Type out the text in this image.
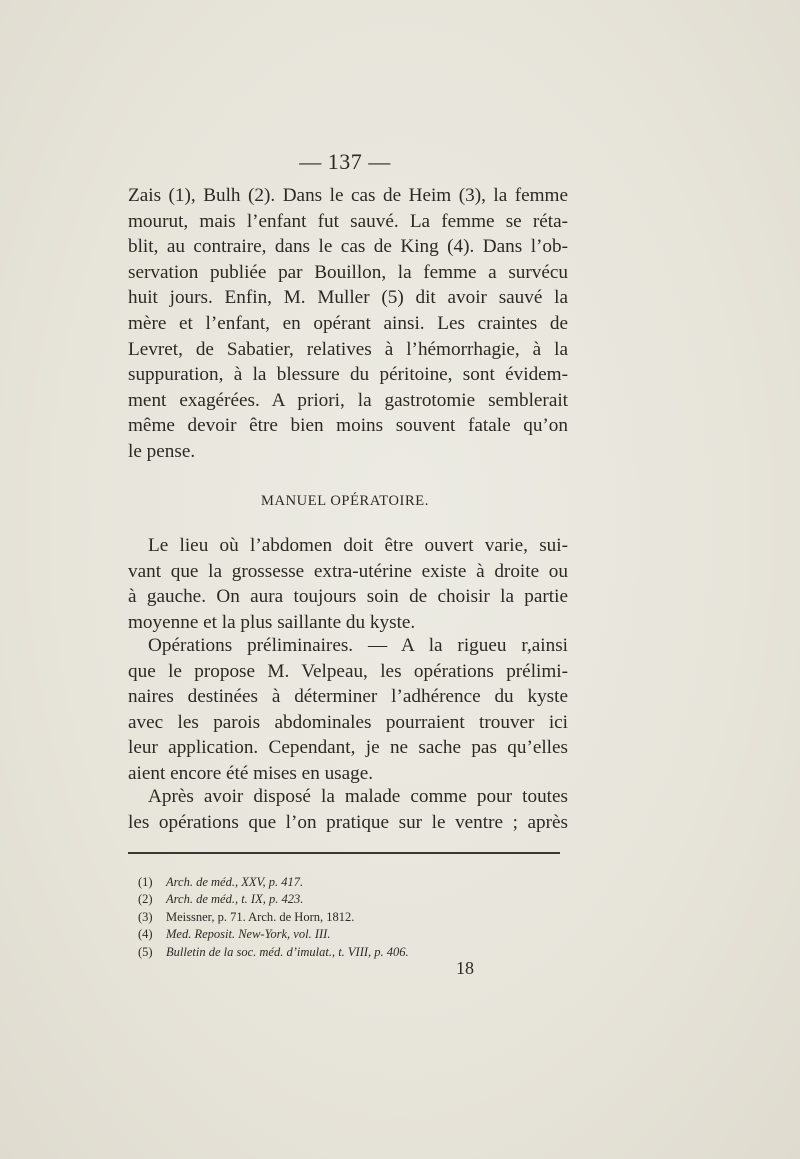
— 137 —
Zais (1), Bulh (2). Dans le cas de Heim (3), la femme
mourut, mais l’enfant fut sauvé. La femme se réta-
blit, au contraire, dans le cas de King (4). Dans l’ob-
servation publiée par Bouillon, la femme a survécu
huit jours. Enfin, M. Muller (5) dit avoir sauvé la
mère et l’enfant, en opérant ainsi. Les craintes de
Levret, de Sabatier, relatives à l’hémorrhagie, à la
suppuration, à la blessure du péritoine, sont évidem-
ment exagérées. A priori, la gastrotomie semblerait
même devoir être bien moins souvent fatale qu’on
le pense.
MANUEL OPÉRATOIRE.
Le lieu où l’abdomen doit être ouvert varie, sui-
vant que la grossesse extra-utérine existe à droite ou
à gauche. On aura toujours soin de choisir la partie
moyenne et la plus saillante du kyste.
Opérations préliminaires. — A la rigueu r,ainsi
que le propose M. Velpeau, les opérations prélimi-
naires destinées à déterminer l’adhérence du kyste
avec les parois abdominales pourraient trouver ici
leur application. Cependant, je ne sache pas qu’elles
aient encore été mises en usage.
Après avoir disposé la malade comme pour toutes
les opérations que l’on pratique sur le ventre ; après
(1) Arch. de méd., XXV, p. 417.
(2) Arch. de méd., t. IX, p. 423.
(3) Meissner, p. 71. Arch. de Horn, 1812.
(4) Med. Reposit. New-York, vol. III.
(5) Bulletin de la soc. méd. d’imulat., t. VIII, p. 406.
18
